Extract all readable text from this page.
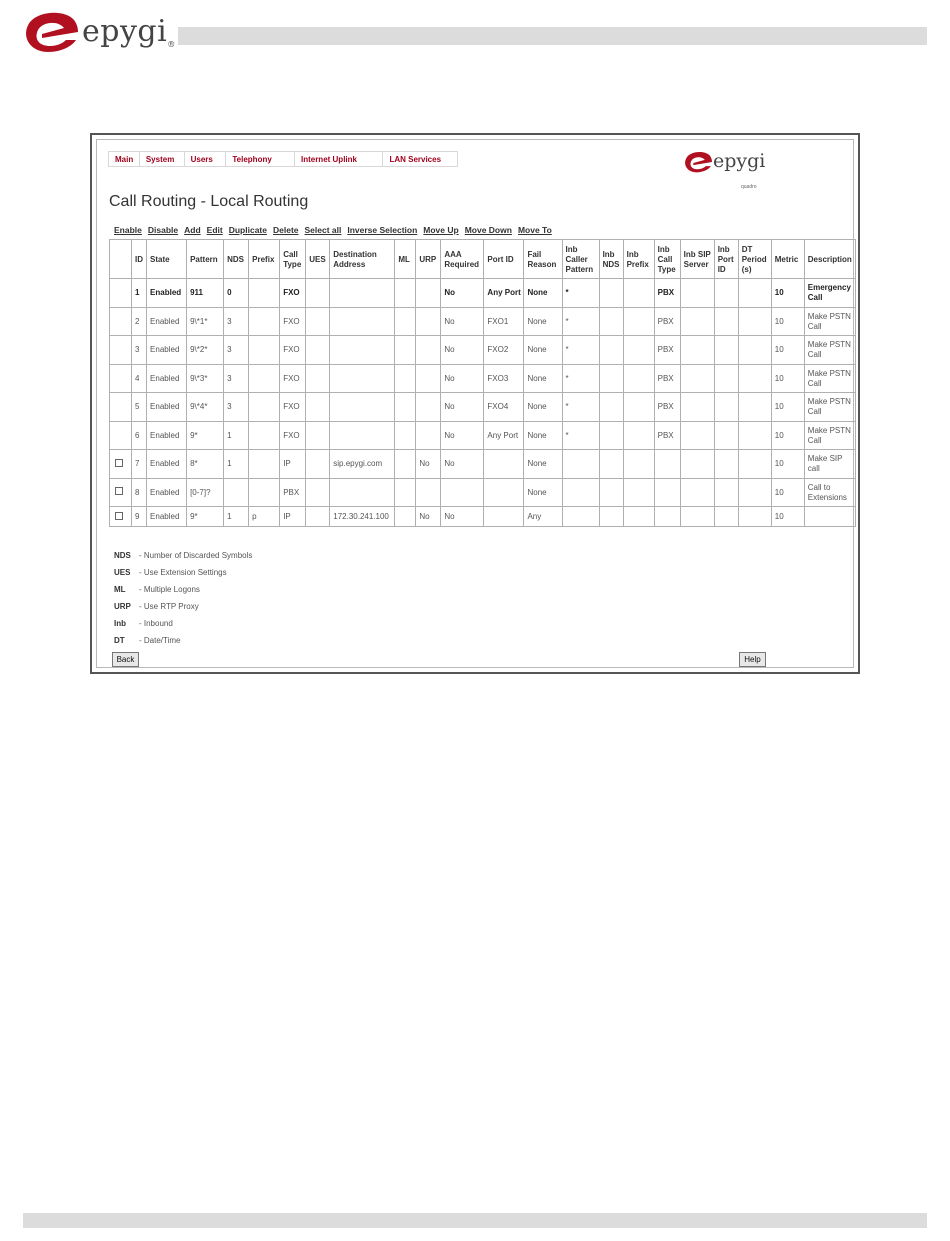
epygi®
Main	System	Users	Telephony	Internet Uplink	LAN Services	epygi
quadro
Call Routing - Local Routing
Enable Disable Add Edit Duplicate Delete Select all Inverse Selection Move Up Move Down Move To
	ID	State	Pattern	NDS	Prefix	Call Type	UES	Destination Address	ML	URP	AAA Required	Port ID	Fail Reason	Inb Caller Pattern	Inb NDS	Inb Prefix	Inb Call Type	Inb SIP Server	Inb Port ID	DT Period (s)	Metric	Description
	1	Enabled	911	0		FXO					No	Any Port	None	*			PBX				10	Emergency Call
	2	Enabled	9\*1*	3		FXO					No	FXO1	None	*			PBX				10	Make PSTN Call
	3	Enabled	9\*2*	3		FXO					No	FXO2	None	*			PBX				10	Make PSTN Call
	4	Enabled	9\*3*	3		FXO					No	FXO3	None	*			PBX				10	Make PSTN Call
	5	Enabled	9\*4*	3		FXO					No	FXO4	None	*			PBX				10	Make PSTN Call
	6	Enabled	9*	1		FXO					No	Any Port	None	*			PBX				10	Make PSTN Call
	7	Enabled	8*	1		IP		sip.epygi.com		No	No		None								10	Make SIP call
	8	Enabled	[0-7]?			PBX							None								10	Call to Extensions
	9	Enabled	9*	1	p	IP		172.30.241.100		No	No		Any								10	
NDS	- Number of Discarded Symbols
UES	- Use Extension Settings
ML	- Multiple Logons
URP	- Use RTP Proxy
Inb	- Inbound
DT	- Date/Time
Back	Help
